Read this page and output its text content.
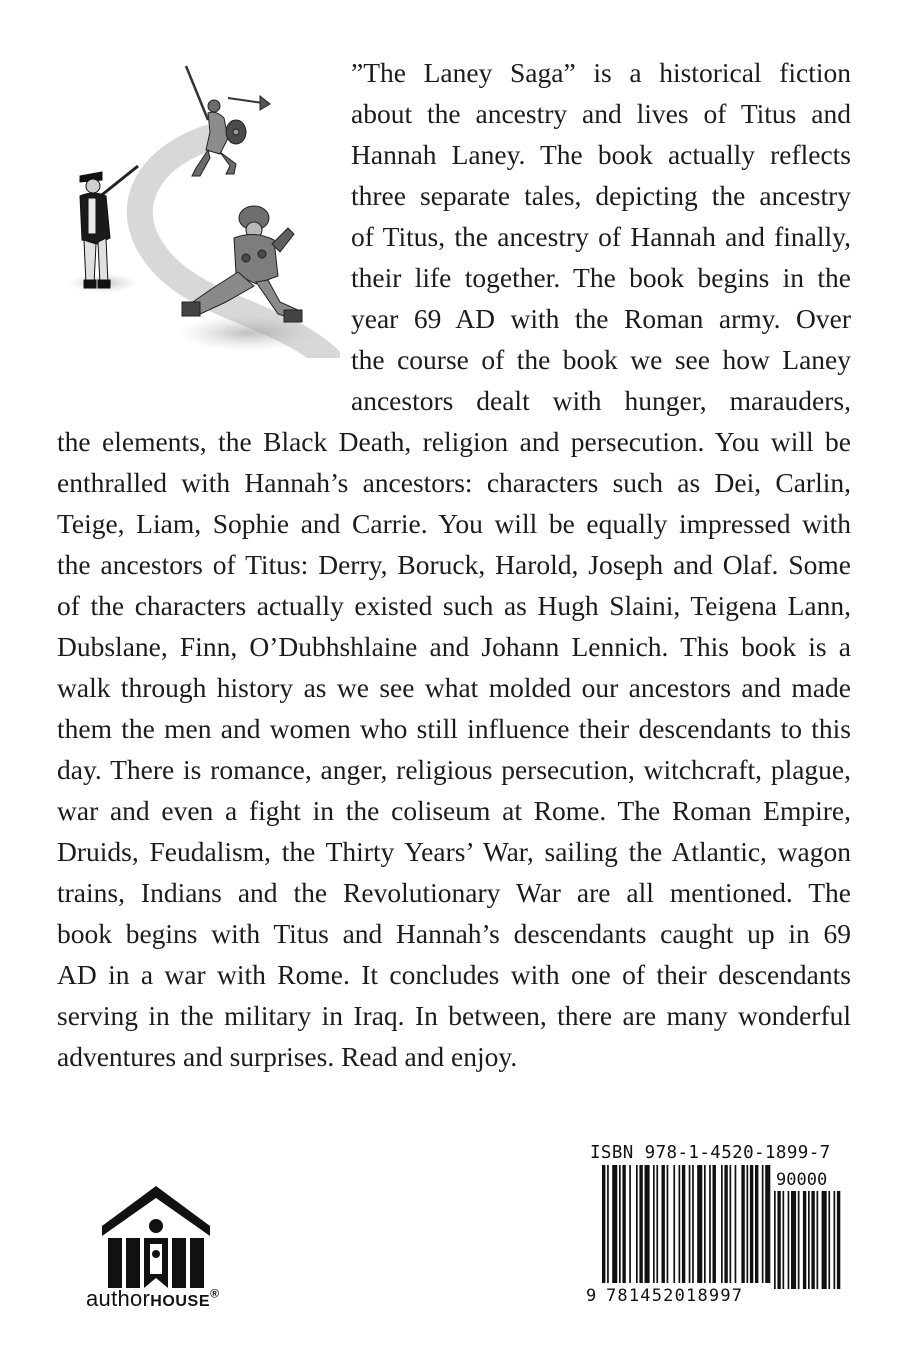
”The Laney Saga” is a historical fiction
about the ancestry and lives of Titus and
Hannah Laney. The book actually reflects
three separate tales, depicting the ancestry
of Titus, the ancestry of Hannah and finally,
their life together. The book begins in the
year 69 AD with the Roman army. Over
the course of the book we see how Laney
ancestors dealt with hunger, marauders,
the elements, the Black Death, religion and persecution. You will be
enthralled with Hannah’s ancestors: characters such as Dei, Carlin,
Teige, Liam, Sophie and Carrie. You will be equally impressed with
the ancestors of Titus: Derry, Boruck, Harold, Joseph and Olaf. Some
of the characters actually existed such as Hugh Slaini, Teigena Lann,
Dubslane, Finn, O’Dubhshlaine and Johann Lennich. This book is a
walk through history as we see what molded our ancestors and made
them the men and women who still influence their descendants to this
day. There is romance, anger, religious persecution, witchcraft, plague,
war and even a fight in the coliseum at Rome. The Roman Empire,
Druids, Feudalism, the Thirty Years’ War, sailing the Atlantic, wagon
trains, Indians and the Revolutionary War are all mentioned. The
book begins with Titus and Hannah’s descendants caught up in 69
AD in a war with Rome. It concludes with one of their descendants
serving in the military in Iraq. In between, there are many wonderful
adventures and surprises. Read and enjoy.
authorHOUSE®
ISBN 978-1-4520-1899-7
90000
9 781452018997
